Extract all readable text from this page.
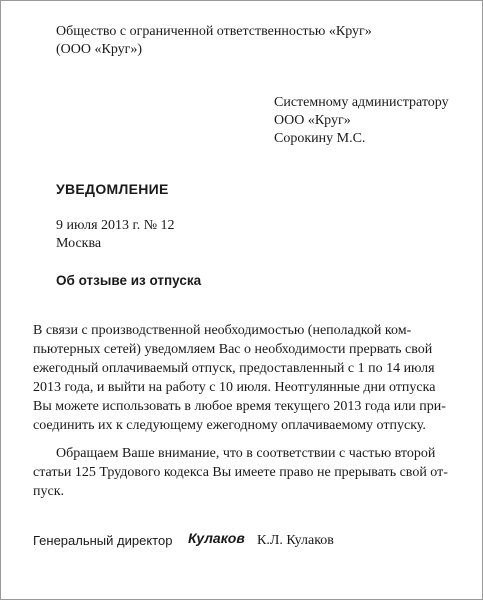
Общество с ограниченной ответственностью «Круг»
(ООО «Круг»)
Системному администратору
ООО «Круг»
Сорокину М.С.
УВЕДОМЛЕНИЕ
9 июля 2013 г. № 12
Москва
Об отзыве из отпуска
В связи с производственной необходимостью (неполадкой ком-
пьютерных сетей) уведомляем Вас о необходимости прервать свой
ежегодный оплачиваемый отпуск, предоставленный с 1 по 14 июля
2013 года, и выйти на работу с 10 июля. Неотгулянные дни отпуска
Вы можете использовать в любое время текущего 2013 года или при-
соединить их к следующему ежегодному оплачиваемому отпуску.
Обращаем Ваше внимание, что в соответствии с частью второй
статьи 125 Трудового кодекса Вы имеете право не прерывать свой от-
пуск.
Генеральный директор Кулаков К.Л. Кулаков
